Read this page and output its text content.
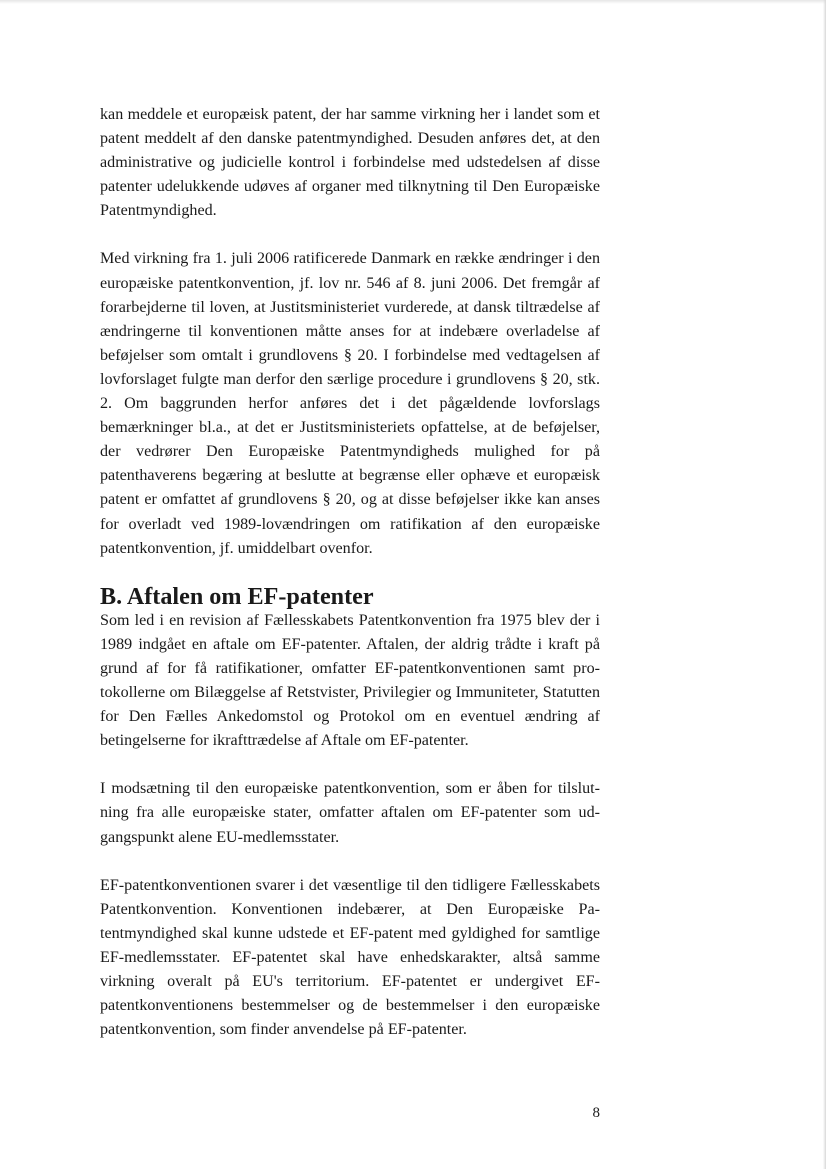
kan meddele et europæisk patent, der har samme virkning her i landet som et patent meddelt af den danske patentmyndighed. Desuden anføres det, at den administrative og judicielle kontrol i forbindelse med udstedelsen af disse patenter udelukkende udøves af organer med tilknytning til Den Europæiske Patentmyndighed.

Med virkning fra 1. juli 2006 ratificerede Danmark en række ændringer i den europæiske patentkonvention, jf. lov nr. 546 af 8. juni 2006. Det fremgår af forarbejderne til loven, at Justitsministeriet vurderede, at dansk tiltrædelse af ændringerne til konventionen måtte anses for at indebære overladelse af beføjelser som omtalt i grundlovens § 20. I forbindelse med vedtagelsen af lovforslaget fulgte man derfor den særlige procedure i grundlovens § 20, stk. 2. Om baggrunden herfor anføres det i det pågældende lovforslags bemærkninger bl.a., at det er Justitsministeriets opfattelse, at de beføjelser, der vedrører Den Europæiske Patentmyndigheds mulighed for på patenthaverens begæring at beslutte at begrænse eller ophæve et europæisk patent er omfattet af grundlovens § 20, og at disse beføjelser ikke kan anses for overladt ved 1989-lovændringen om ratifikation af den europæiske patentkonvention, jf. umiddelbart ovenfor.

B. Aftalen om EF-patenter

Som led i en revision af Fællesskabets Patentkonvention fra 1975 blev der i 1989 indgået en aftale om EF-patenter. Aftalen, der aldrig trådte i kraft på grund af for få ratifikationer, omfatter EF-patentkonventionen samt protokollerne om Bilæggelse af Retstvister, Privilegier og Immuniteter, Statutten for Den Fælles Ankedomstol og Protokol om en eventuel ændring af betingelserne for ikrafttrædelse af Aftale om EF-patenter.

I modsætning til den europæiske patentkonvention, som er åben for tilslutning fra alle europæiske stater, omfatter aftalen om EF-patenter som udgangspunkt alene EU-medlemsstater.

EF-patentkonventionen svarer i det væsentlige til den tidligere Fællesskabets Patentkonvention. Konventionen indebærer, at Den Europæiske Patentmyndighed skal kunne udstede et EF-patent med gyldighed for samtlige EF-medlemsstater. EF-patentet skal have enhedskarakter, altså samme virkning overalt på EU's territorium. EF-patentet er undergivet EF-patentkonventionens bestemmelser og de bestemmelser i den europæiske patentkonvention, som finder anvendelse på EF-patenter.

8
